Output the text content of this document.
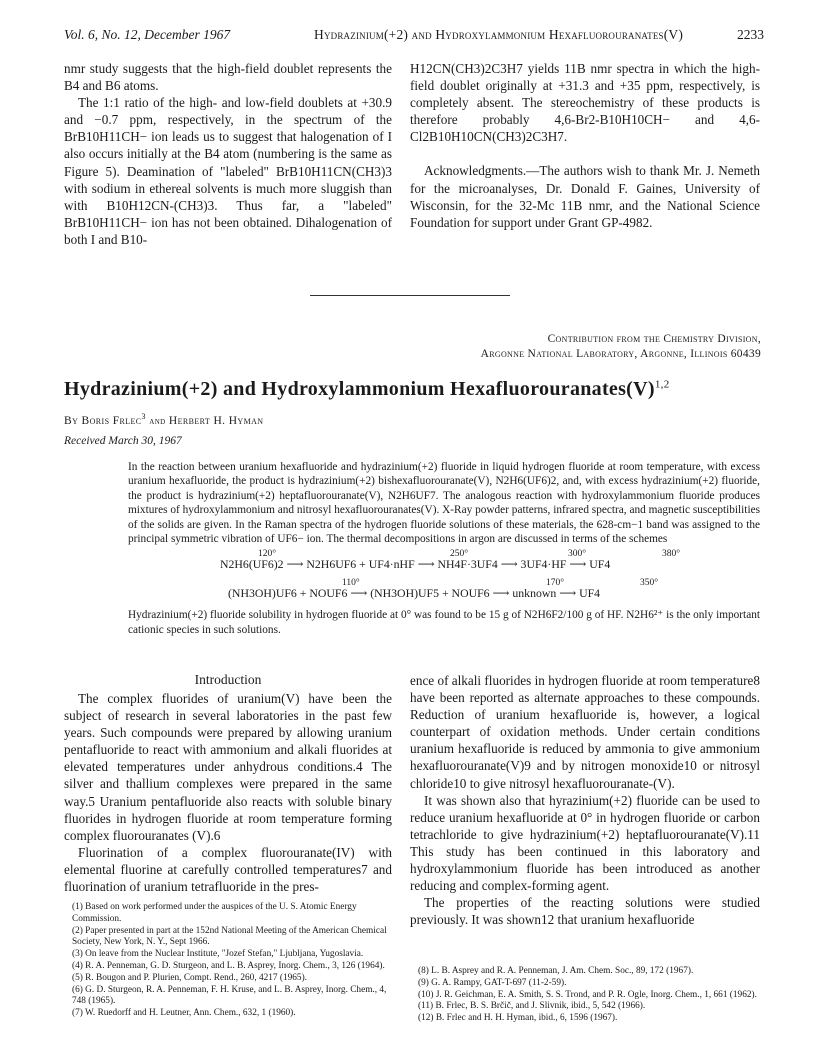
Vol. 6, No. 12, December 1967	Hydrazinium(+2) and Hydroxylammonium Hexafluorouranates(V)	2233

nmr study suggests that the high-field doublet represents the B4 and B6 atoms.

The 1:1 ratio of the high- and low-field doublets at +30.9 and −0.7 ppm, respectively, in the spectrum of the BrB10H11CH− ion leads us to suggest that halogenation of I also occurs initially at the B4 atom (numbering is the same as Figure 5). Deamination of "labeled" BrB10H11CN(CH3)3 with sodium in ethereal solvents is much more sluggish than with B10H12CN-(CH3)3. Thus far, a "labeled" BrB10H11CH− ion has not been obtained. Dihalogenation of both I and B10-

H12CN(CH3)2C3H7 yields 11B nmr spectra in which the high-field doublet originally at +31.3 and +35 ppm, respectively, is completely absent. The stereochemistry of these products is therefore probably 4,6-Br2-B10H10CH− and 4,6-Cl2B10H10CN(CH3)2C3H7.

Acknowledgments.—The authors wish to thank Mr. J. Nemeth for the microanalyses, Dr. Donald F. Gaines, University of Wisconsin, for the 32-Mc 11B nmr, and the National Science Foundation for support under Grant GP-4982.

Contribution from the Chemistry Division,
Argonne National Laboratory, Argonne, Illinois 60439
Hydrazinium(+2) and Hydroxylammonium $Hexafluorouranates(V)^{1,2}$
By Boris Frlec$^3$ and Herbert H. Hyman
Received March 30, 1967

In the reaction between uranium hexafluoride and hydrazinium(+2) fluoride in liquid hydrogen fluoride at room temperature, with excess uranium hexafluoride, the product is hydrazinium(+2) bishexafluorouranate(V), N2H6(UF6)2, and, with excess hydrazinium(+2) fluoride, the product is hydrazinium(+2) heptafluorouranate(V), N2H6UF7. The analogous reaction with hydroxylammonium fluoride produces mixtures of hydroxylammonium and nitrosyl hexafluorouranates(V). X-Ray powder patterns, infrared spectra, and magnetic susceptibilities of the solids are given. In the Raman spectra of the hydrogen fluoride solutions of these materials, the 628-cm−1 band was assigned to the principal symmetric vibration of UF6− ion. The thermal decompositions in argon are discussed in terms of the schemes

120°	250°	300°	380°
N2H6(UF6)2 ⟶ N2H6UF6 + UF4·nHF ⟶ NH4F·3UF4 ⟶ 3UF4·HF ⟶ UF4
110°	170°	350°
(NH3OH)UF6 + NOUF6 ⟶ (NH3OH)UF5 + NOUF6 ⟶ unknown ⟶ UF4

Hydrazinium(+2) fluoride solubility in hydrogen fluoride at 0° was found to be 15 g of N2H6F2/100 g of HF. N2H6²⁺ is the only important cationic species in such solutions.

Introduction

The complex fluorides of uranium(V) have been the subject of research in several laboratories in the past few years. Such compounds were prepared by allowing uranium pentafluoride to react with ammonium and alkali fluorides at elevated temperatures under anhydrous conditions.4 The silver and thallium complexes were prepared in the same way.5 Uranium pentafluoride also reacts with soluble binary fluorides in hydrogen fluoride at room temperature forming complex fluorouranates (V).6

Fluorination of a complex fluorouranate(IV) with elemental fluorine at carefully controlled temperatures7 and fluorination of uranium tetrafluoride in the pres-

ence of alkali fluorides in hydrogen fluoride at room temperature8 have been reported as alternate approaches to these compounds. Reduction of uranium hexafluoride is, however, a logical counterpart of oxidation methods. Under certain conditions uranium hexafluoride is reduced by ammonia to give ammonium hexafluorouranate(V)9 and by nitrogen monoxide10 or nitrosyl chloride10 to give nitrosyl hexafluorouranate-(V).

It was shown also that hyrazinium(+2) fluoride can be used to reduce uranium hexafluoride at 0° in hydrogen fluoride or carbon tetrachloride to give hydrazinium(+2) heptafluorouranate(V).11 This study has been continued in this laboratory and hydroxylammonium fluoride has been introduced as another reducing and complex-forming agent.

The properties of the reacting solutions were studied previously. It was shown12 that uranium hexafluoride

(1) Based on work performed under the auspices of the U. S. Atomic Energy Commission.
(2) Paper presented in part at the 152nd National Meeting of the American Chemical Society, New York, N. Y., Sept 1966.
(3) On leave from the Nuclear Institute, "Jozef Stefan," Ljubljana, Yugoslavia.
(4) R. A. Penneman, G. D. Sturgeon, and L. B. Asprey, Inorg. Chem., 3, 126 (1964).
(5) R. Bougon and P. Plurien, Compt. Rend., 260, 4217 (1965).
(6) G. D. Sturgeon, R. A. Penneman, F. H. Kruse, and L. B. Asprey, Inorg. Chem., 4, 748 (1965).
(7) W. Ruedorff and H. Leutner, Ann. Chem., 632, 1 (1960).
(8) L. B. Asprey and R. A. Penneman, J. Am. Chem. Soc., 89, 172 (1967).
(9) G. A. Rampy, GAT-T-697 (11-2-59).
(10) J. R. Geichman, E. A. Smith, S. S. Trond, and P. R. Ogle, Inorg. Chem., 1, 661 (1962).
(11) B. Frlec, B. S. Brčič, and J. Slivnik, ibid., 5, 542 (1966).
(12) B. Frlec and H. H. Hyman, ibid., 6, 1596 (1967).
